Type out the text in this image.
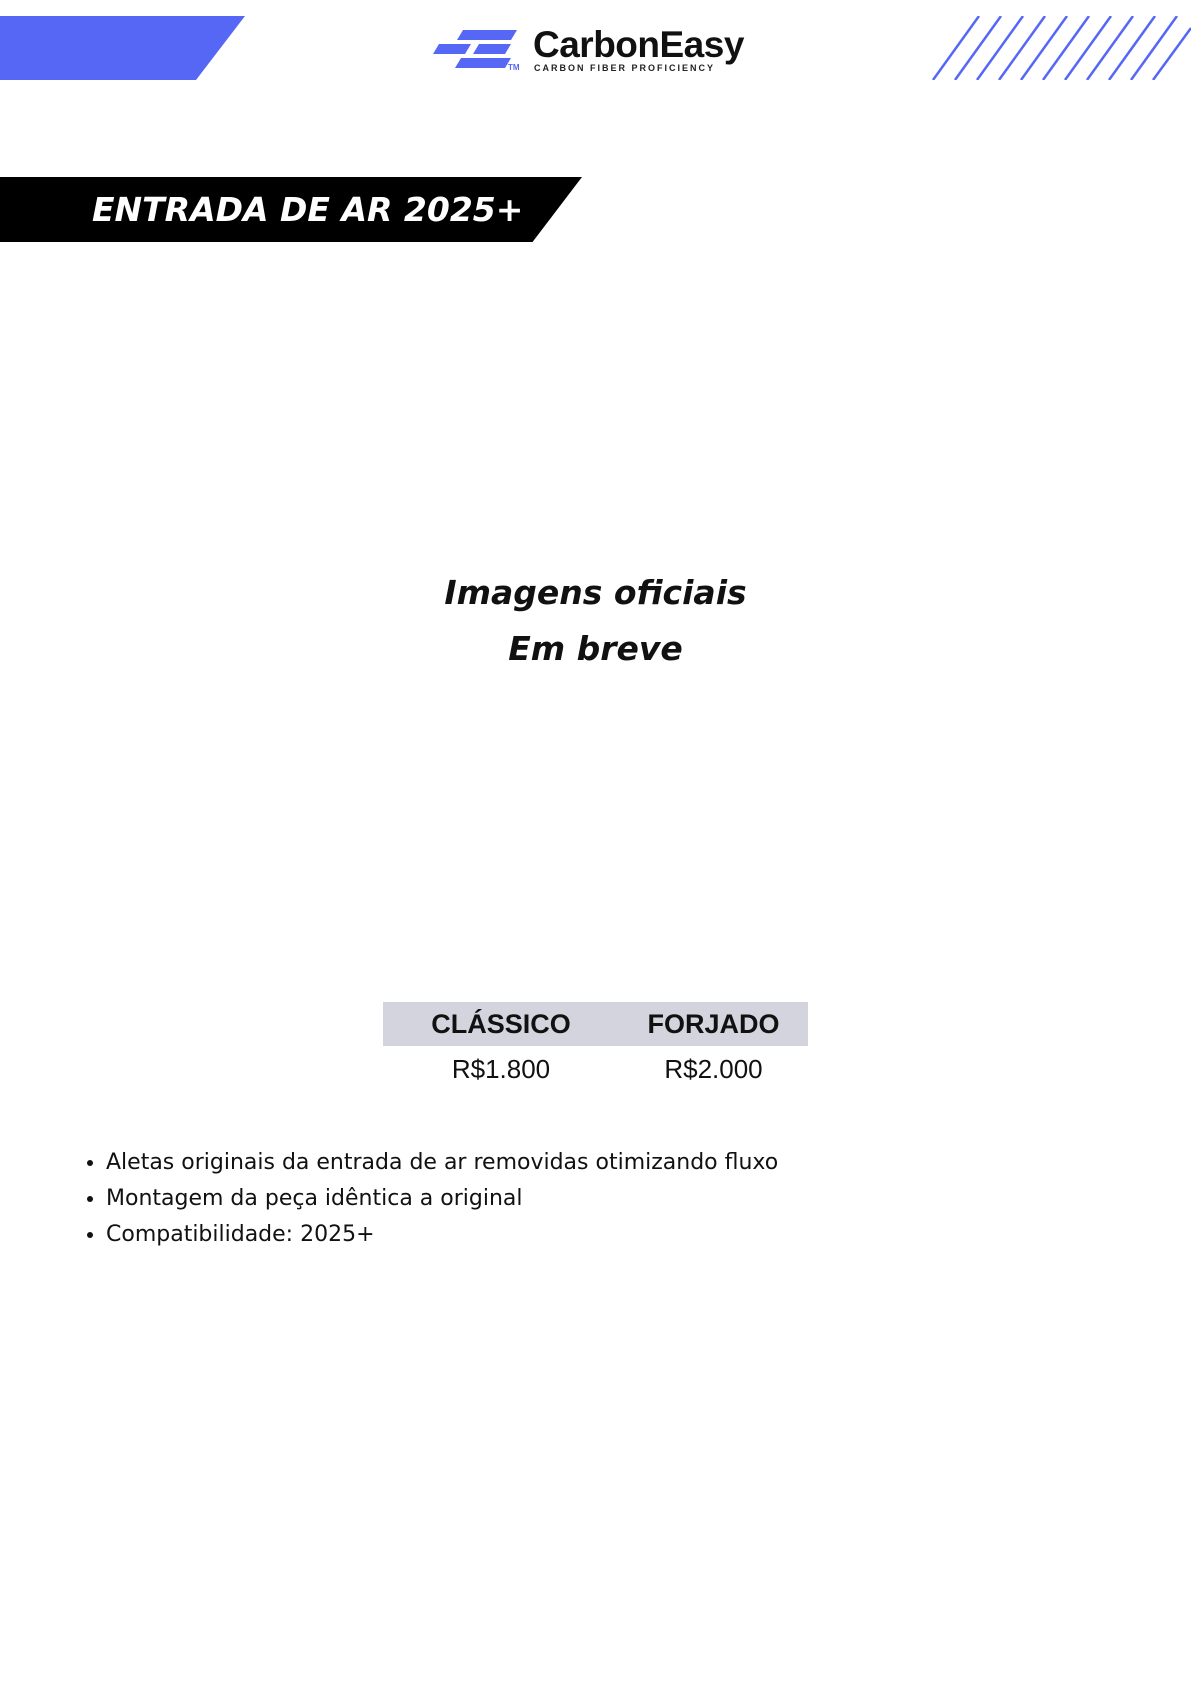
TM
CarbonEasy
CARBON FIBER PROFICIENCY
ENTRADA DE AR 2025+
Imagens oficiais
Em breve
CLÁSSICO	FORJADO
R$1.800	R$2.000
• Aletas originais da entrada de ar removidas otimizando fluxo
• Montagem da peça idêntica a original
• Compatibilidade: 2025+
